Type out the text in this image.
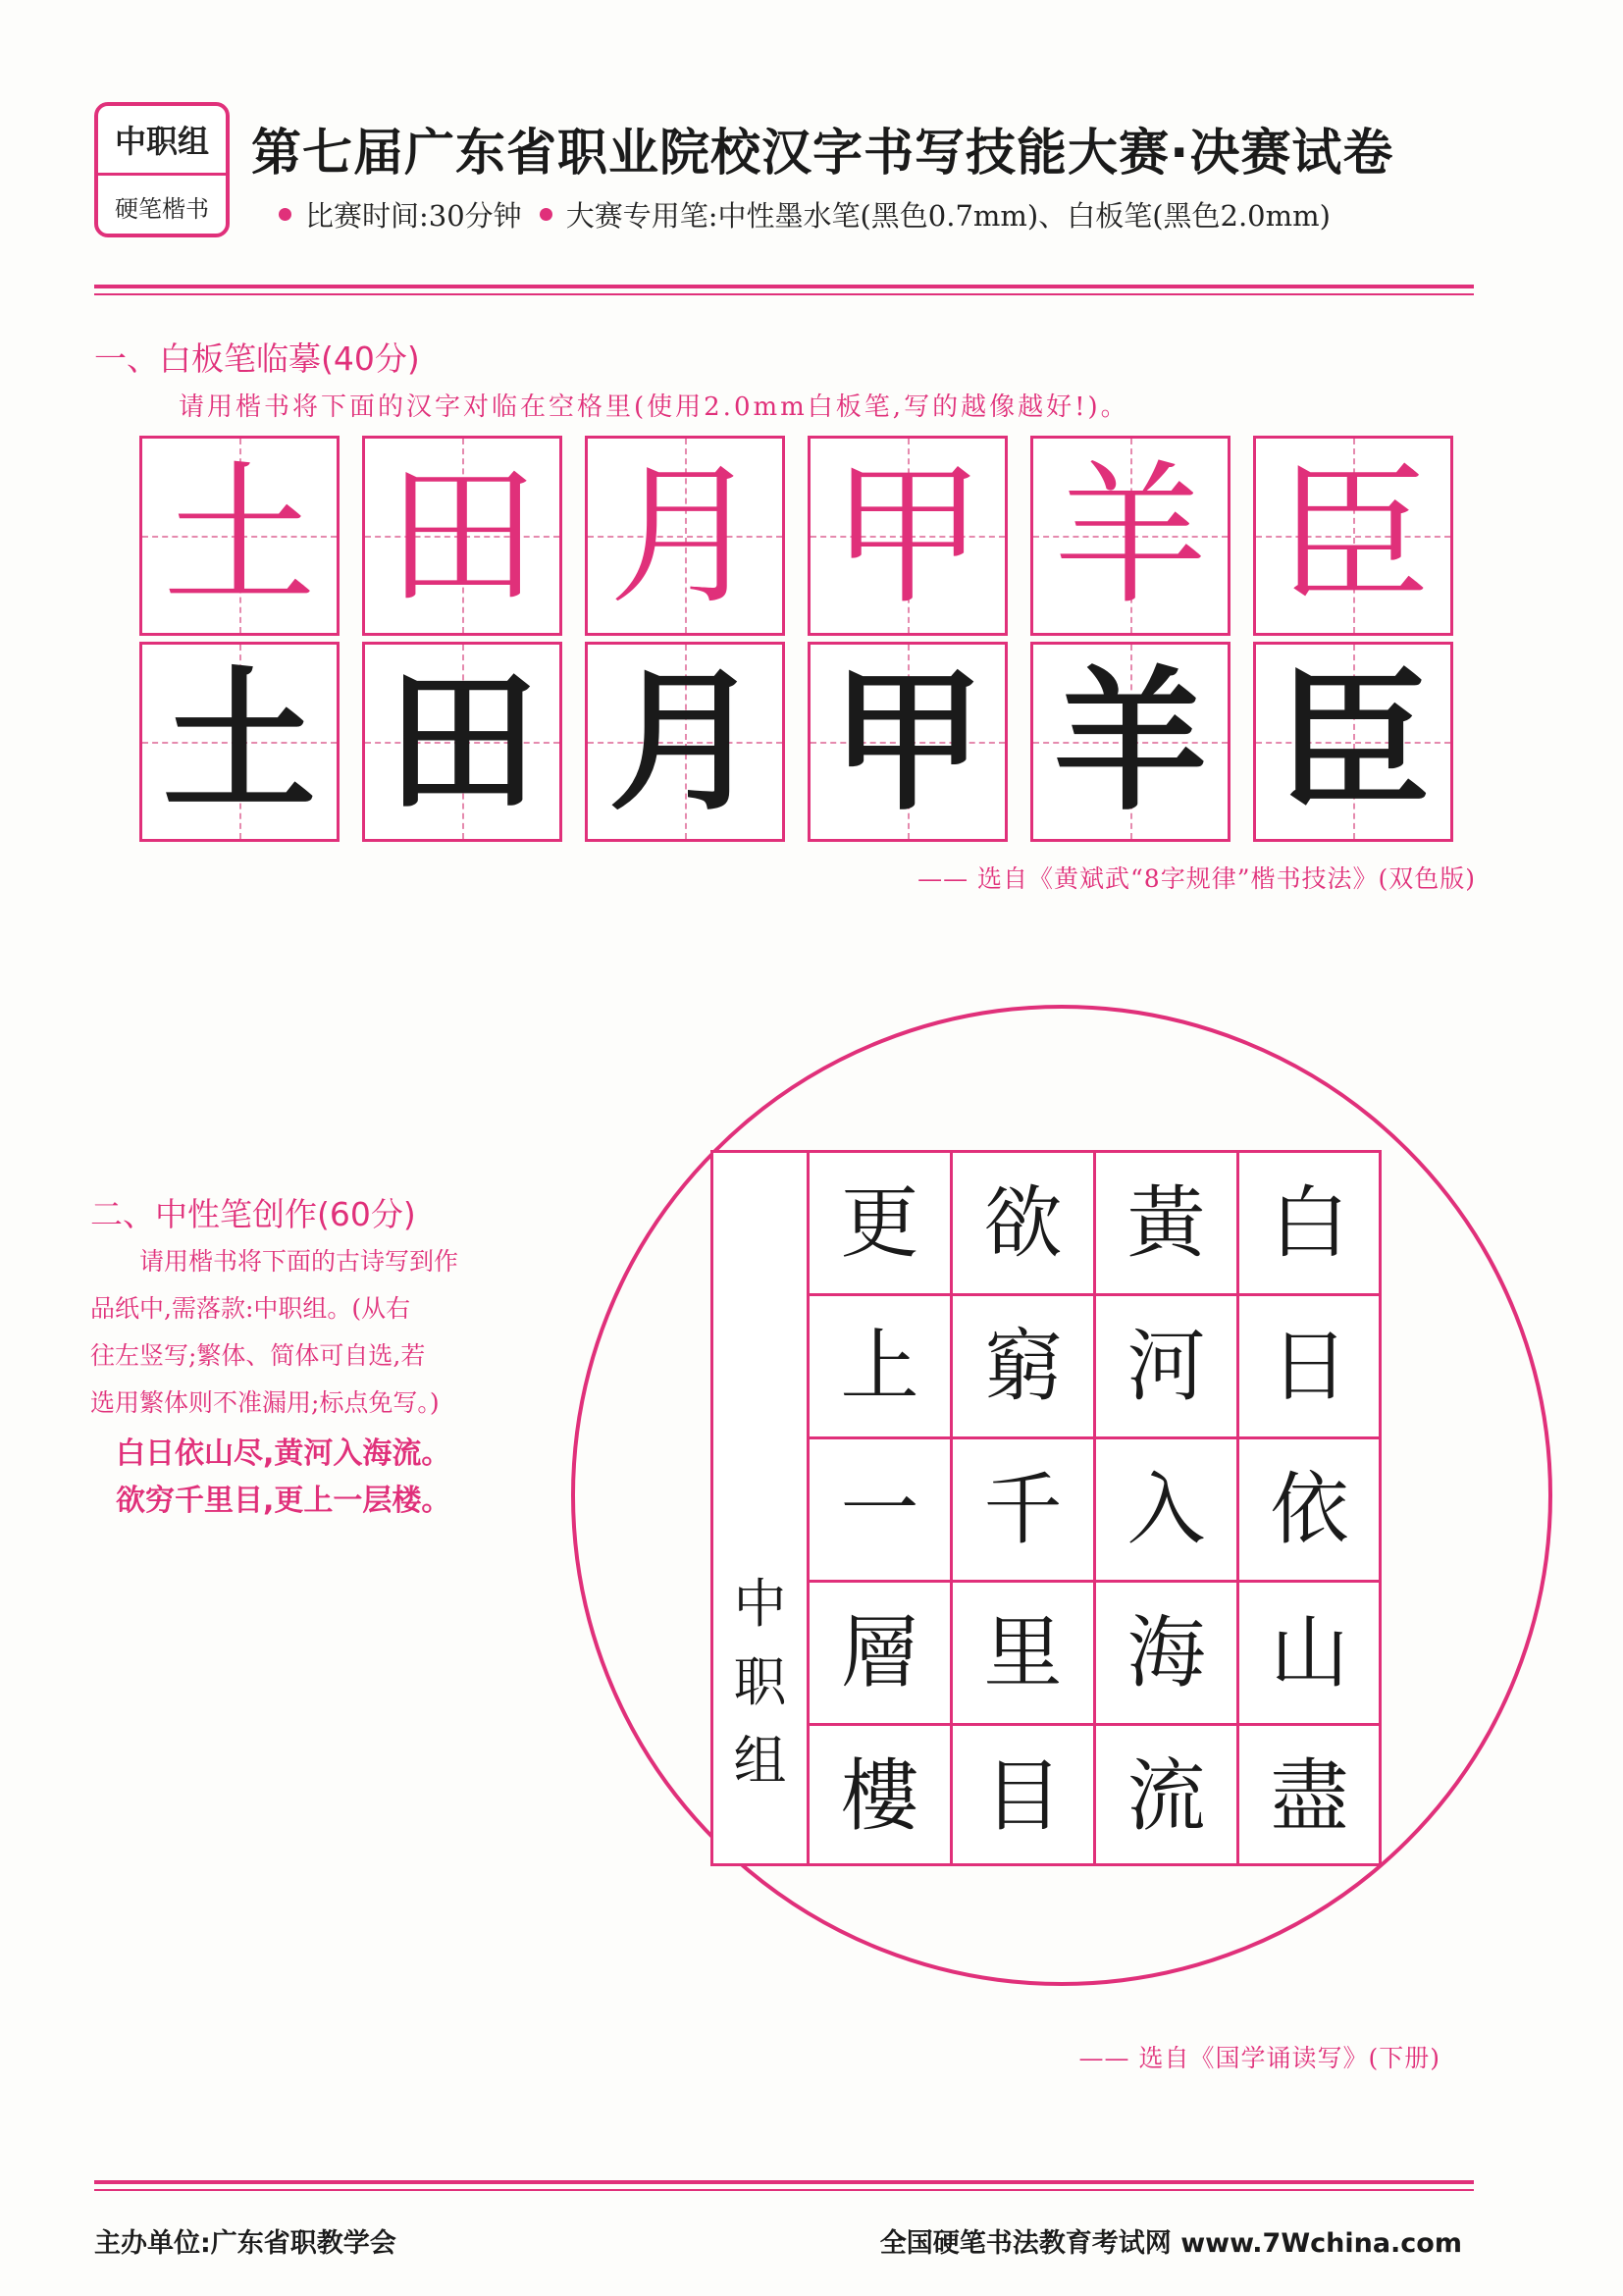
中职组
硬笔楷书
第七届广东省职业院校汉字书写技能大赛·决赛试卷
比赛时间:30分钟 大赛专用笔:中性墨水笔(黑色0.7mm)、白板笔(黑色2.0mm)
一、白板笔临摹(40分)
请用楷书将下面的汉字对临在空格里(使用2.0mm白板笔,写的越像越好!)。
土 田 月 甲 羊 臣
土 田 月 甲 羊 臣
—— 选自《黄斌武“8字规律”楷书技法》(双色版)
二、中性笔创作(60分)
请用楷书将下面的古诗写到作
品纸中,需落款:中职组。(从右
往左竖写;繁体、简体可自选,若
选用繁体则不准漏用;标点免写。)
白日依山尽,黄河入海流。
欲穷千里目,更上一层楼。
中
职
组
白
日
依
山
盡
黃
河
入
海
流
欲
窮
千
里
目
更
上
一
層
樓
—— 选自《国学诵读写》(下册)
主办单位:广东省职教学会	全国硬笔书法教育考试网 www.7Wchina.com
